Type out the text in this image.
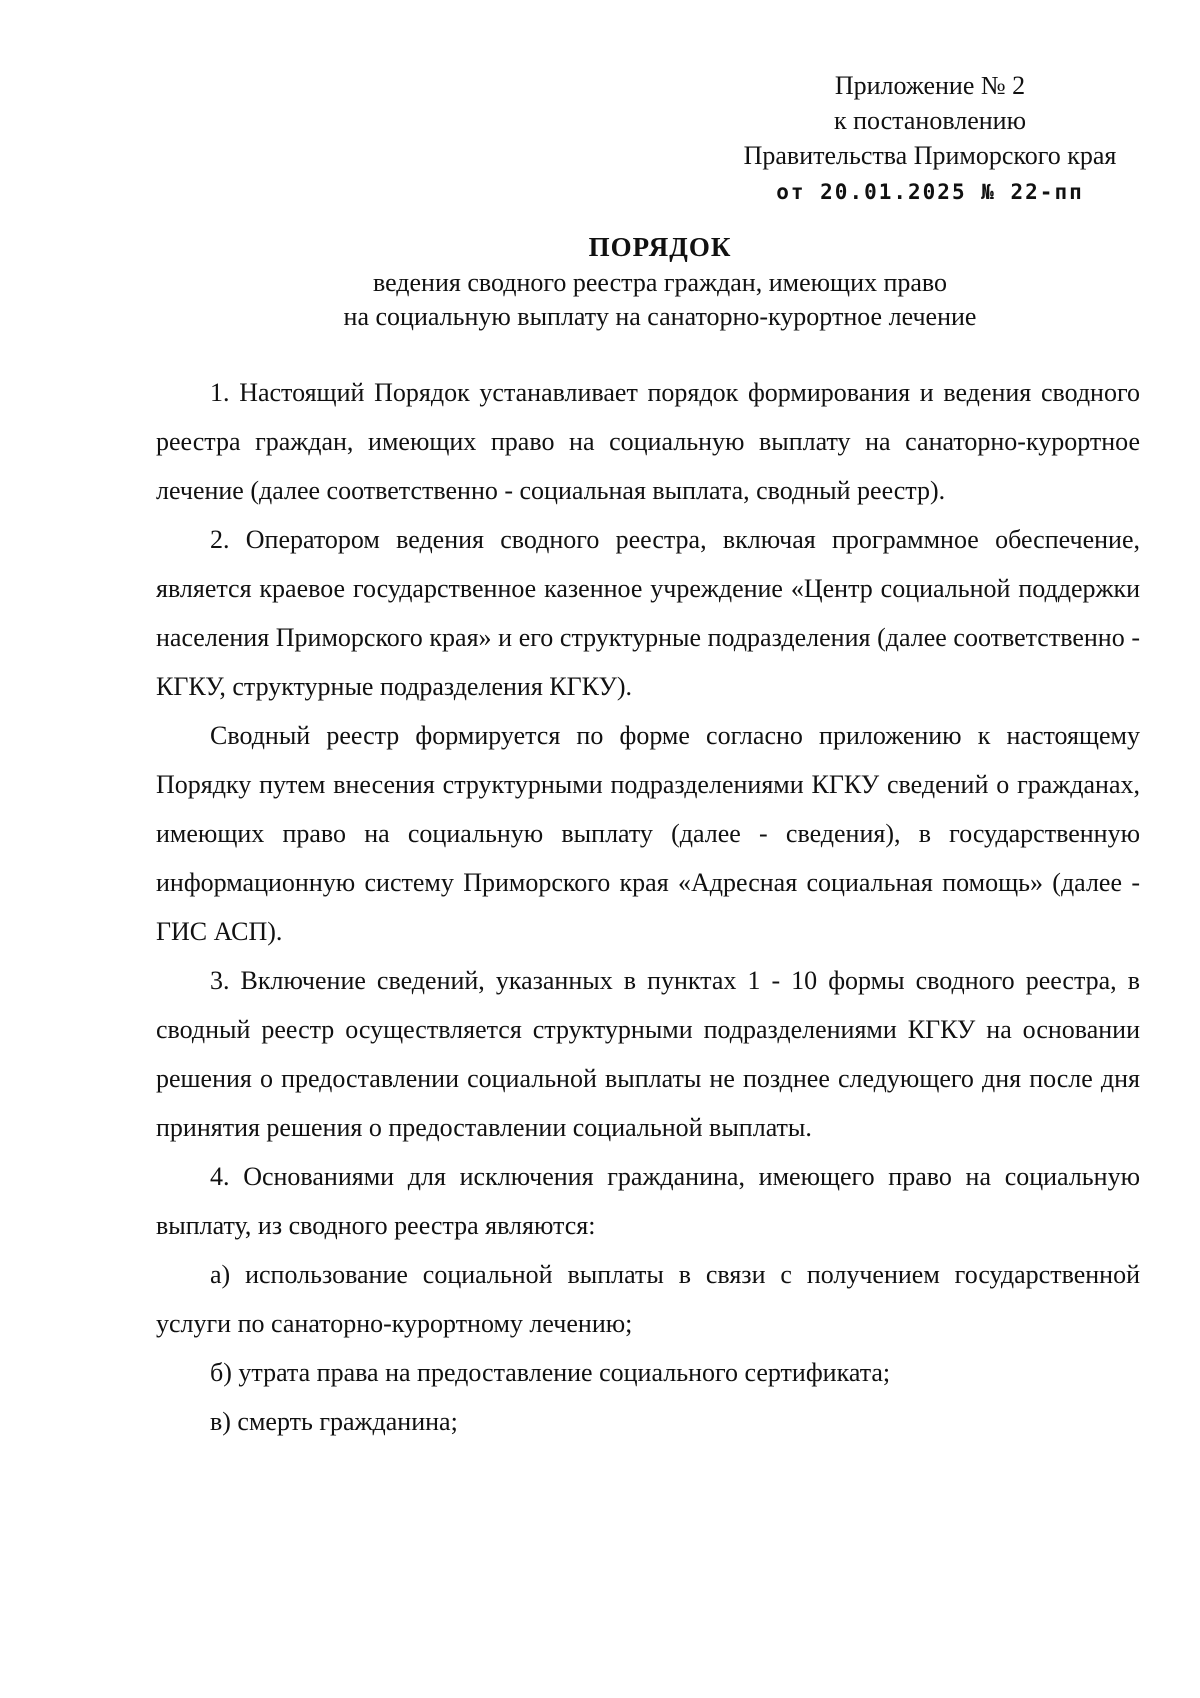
Приложение № 2
к постановлению
Правительства Приморского края
от 20.01.2025 № 22-пп
ПОРЯДОК
ведения сводного реестра граждан, имеющих право
на социальную выплату на санаторно-курортное лечение

1. Настоящий Порядок устанавливает порядок формирования и ведения сводного реестра граждан, имеющих право на социальную выплату на санаторно-курортное лечение (далее соответственно - социальная выплата, сводный реестр).

2. Оператором ведения сводного реестра, включая программное обеспечение, является краевое государственное казенное учреждение «Центр социальной поддержки населения Приморского края» и его структурные подразделения (далее соответственно - КГКУ, структурные подразделения КГКУ).

Сводный реестр формируется по форме согласно приложению к настоящему Порядку путем внесения структурными подразделениями КГКУ сведений о гражданах, имеющих право на социальную выплату (далее - сведения), в государственную информационную систему Приморского края «Адресная социальная помощь» (далее - ГИС АСП).

3. Включение сведений, указанных в пунктах 1 - 10 формы сводного реестра, в сводный реестр осуществляется структурными подразделениями КГКУ на основании решения о предоставлении социальной выплаты не позднее следующего дня после дня принятия решения о предоставлении социальной выплаты.

4. Основаниями для исключения гражданина, имеющего право на социальную выплату, из сводного реестра являются:

а) использование социальной выплаты в связи с получением государственной услуги по санаторно-курортному лечению;

б) утрата права на предоставление социального сертификата;

в) смерть гражданина;
